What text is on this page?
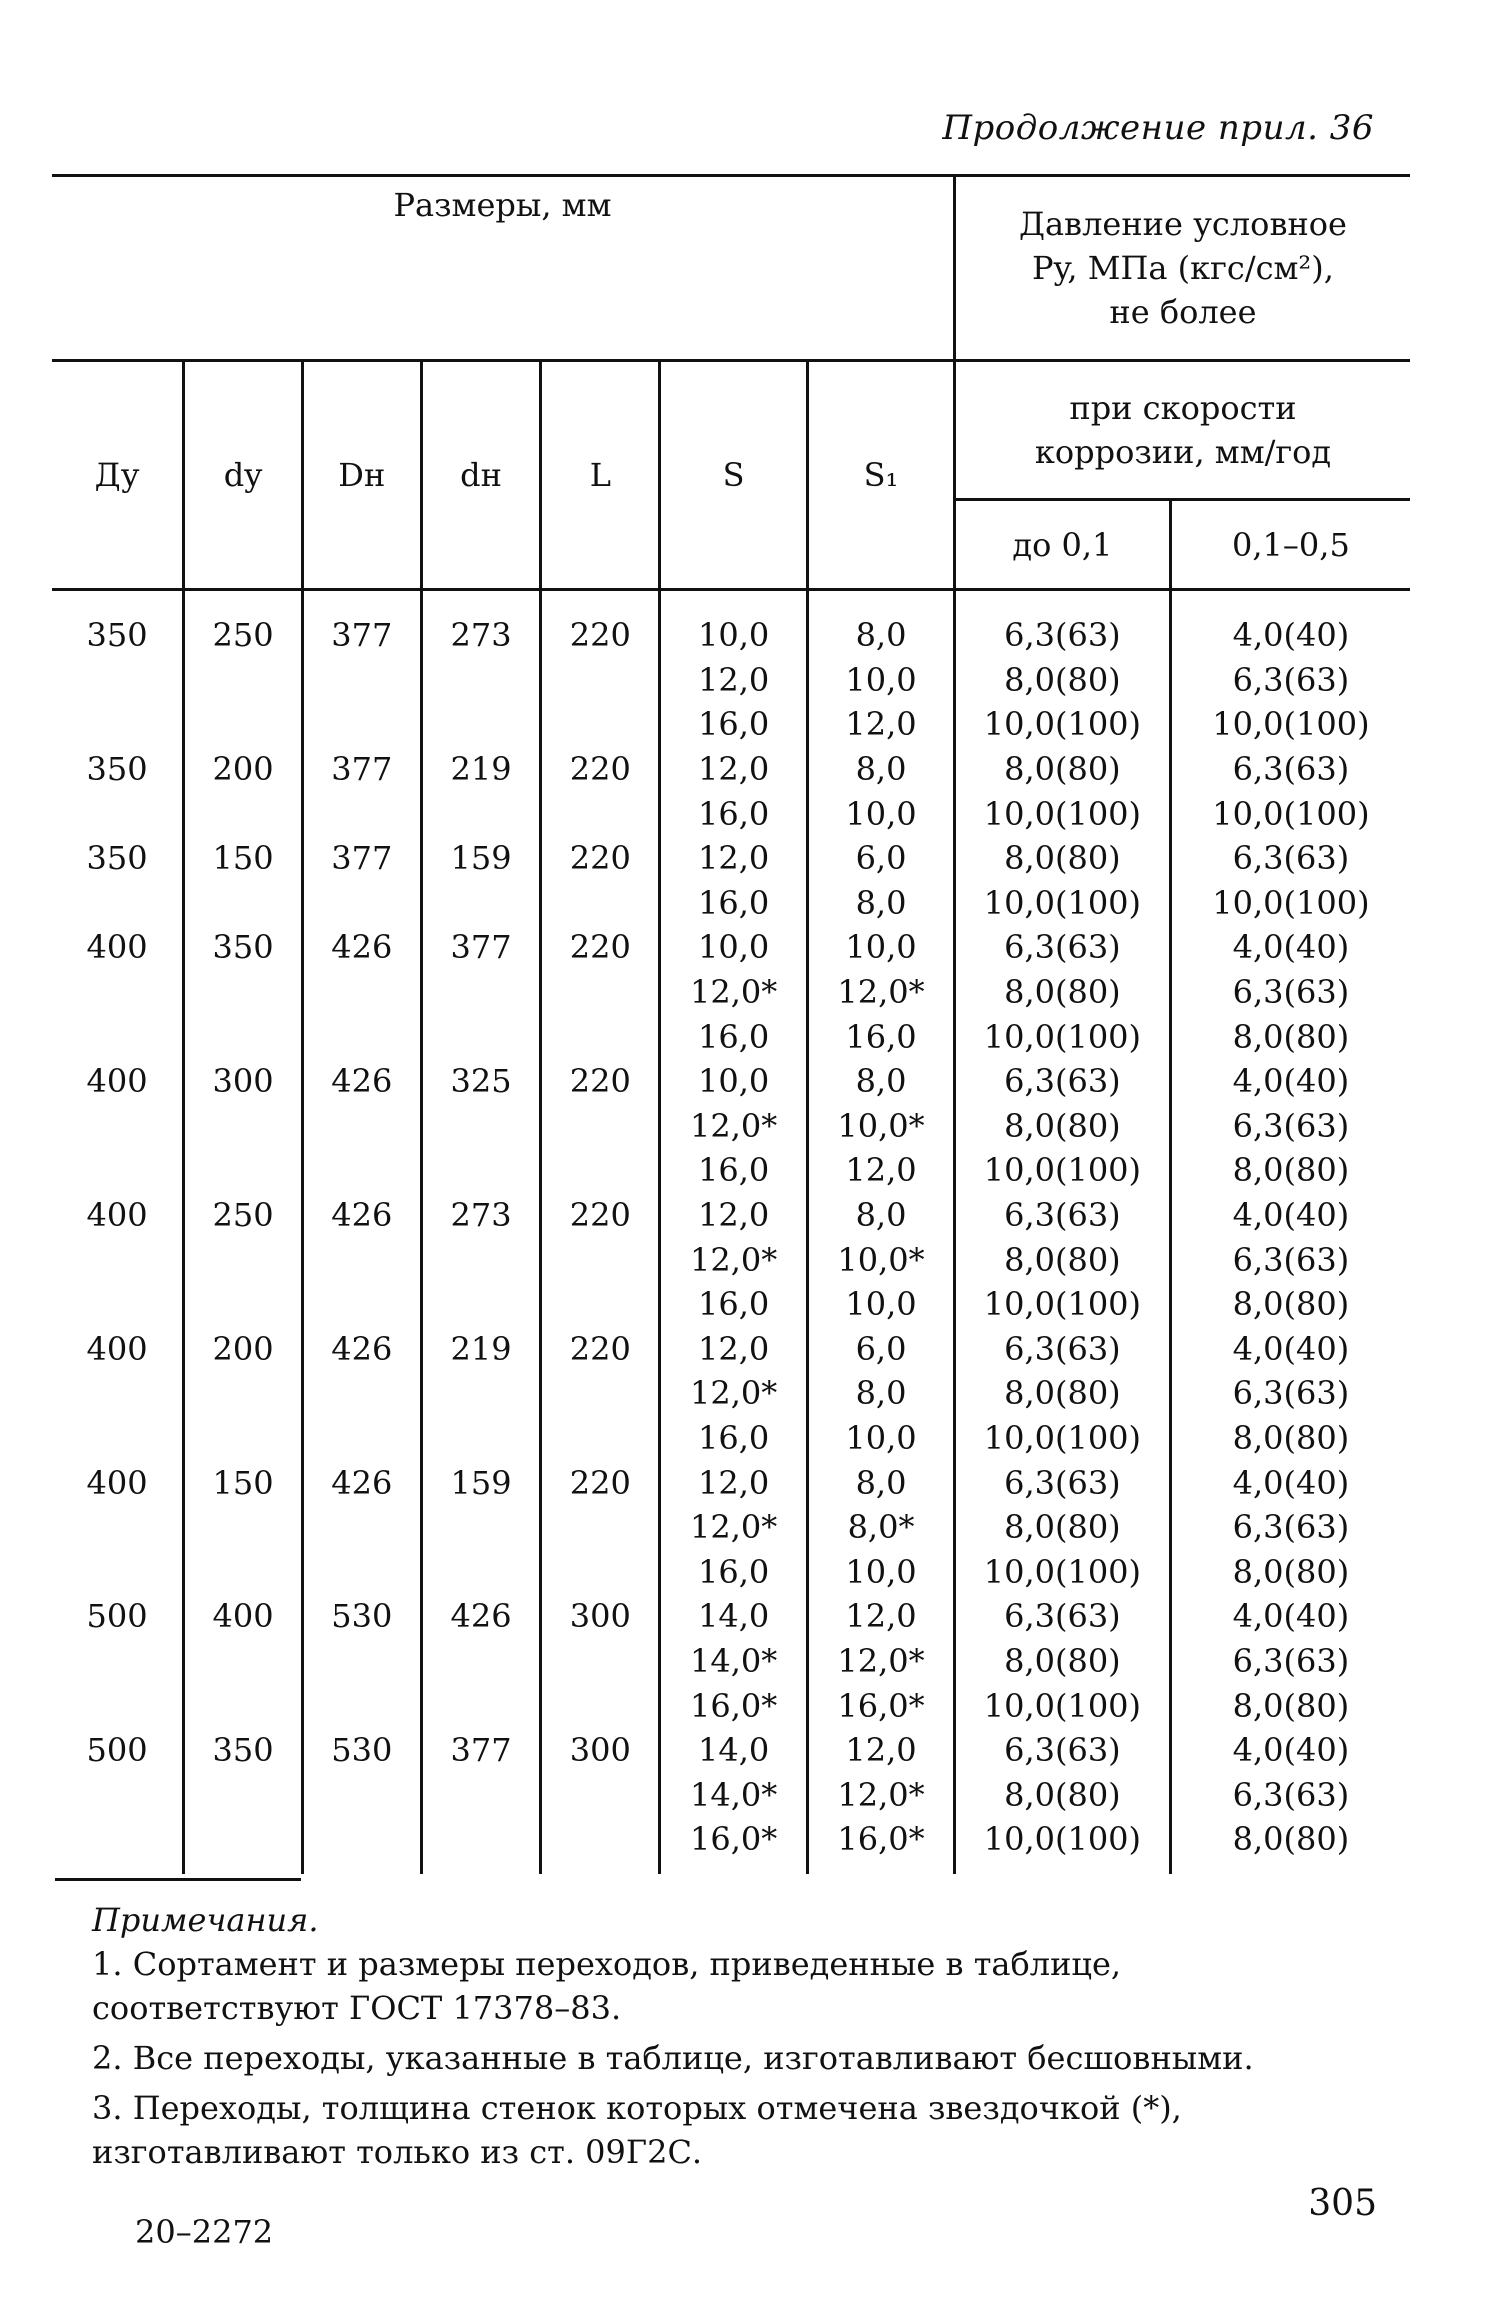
Продолжение прил. 36
Размеры, мм							Давление условное
Py, МПа (кгс/см²),
не более	

Ду	dy	Dн	dн	L	S	S₁	при скорости
коррозии, мм/год	

							до 0,1	0,1–0,5
350	250	377	273	220	10,0	8,0	6,3(63)	4,0(40)
					12,0	10,0	8,0(80)	6,3(63)
					16,0	12,0	10,0(100)	10,0(100)
350	200	377	219	220	12,0	8,0	8,0(80)	6,3(63)
					16,0	10,0	10,0(100)	10,0(100)
350	150	377	159	220	12,0	6,0	8,0(80)	6,3(63)
					16,0	8,0	10,0(100)	10,0(100)
400	350	426	377	220	10,0	10,0	6,3(63)	4,0(40)
					12,0*	12,0*	8,0(80)	6,3(63)
					16,0	16,0	10,0(100)	8,0(80)
400	300	426	325	220	10,0	8,0	6,3(63)	4,0(40)
					12,0*	10,0*	8,0(80)	6,3(63)
					16,0	12,0	10,0(100)	8,0(80)
400	250	426	273	220	12,0	8,0	6,3(63)	4,0(40)
					12,0*	10,0*	8,0(80)	6,3(63)
					16,0	10,0	10,0(100)	8,0(80)
400	200	426	219	220	12,0	6,0	6,3(63)	4,0(40)
					12,0*	8,0	8,0(80)	6,3(63)
					16,0	10,0	10,0(100)	8,0(80)
400	150	426	159	220	12,0	8,0	6,3(63)	4,0(40)
					12,0*	8,0*	8,0(80)	6,3(63)
					16,0	10,0	10,0(100)	8,0(80)
500	400	530	426	300	14,0	12,0	6,3(63)	4,0(40)
					14,0*	12,0*	8,0(80)	6,3(63)
					16,0*	16,0*	10,0(100)	8,0(80)
500	350	530	377	300	14,0	12,0	6,3(63)	4,0(40)
					14,0*	12,0*	8,0(80)	6,3(63)
					16,0*	16,0*	10,0(100)	8,0(80)
Примечания.
1. Сортамент и размеры переходов, приведенные в таблице, соответствуют ГОСТ 17378–83.
2. Все переходы, указанные в таблице, изготавливают бесшовными.
3. Переходы, толщина стенок которых отмечена звездочкой (*), изготавливают только из ст. 09Г2С.
20–2272
305
